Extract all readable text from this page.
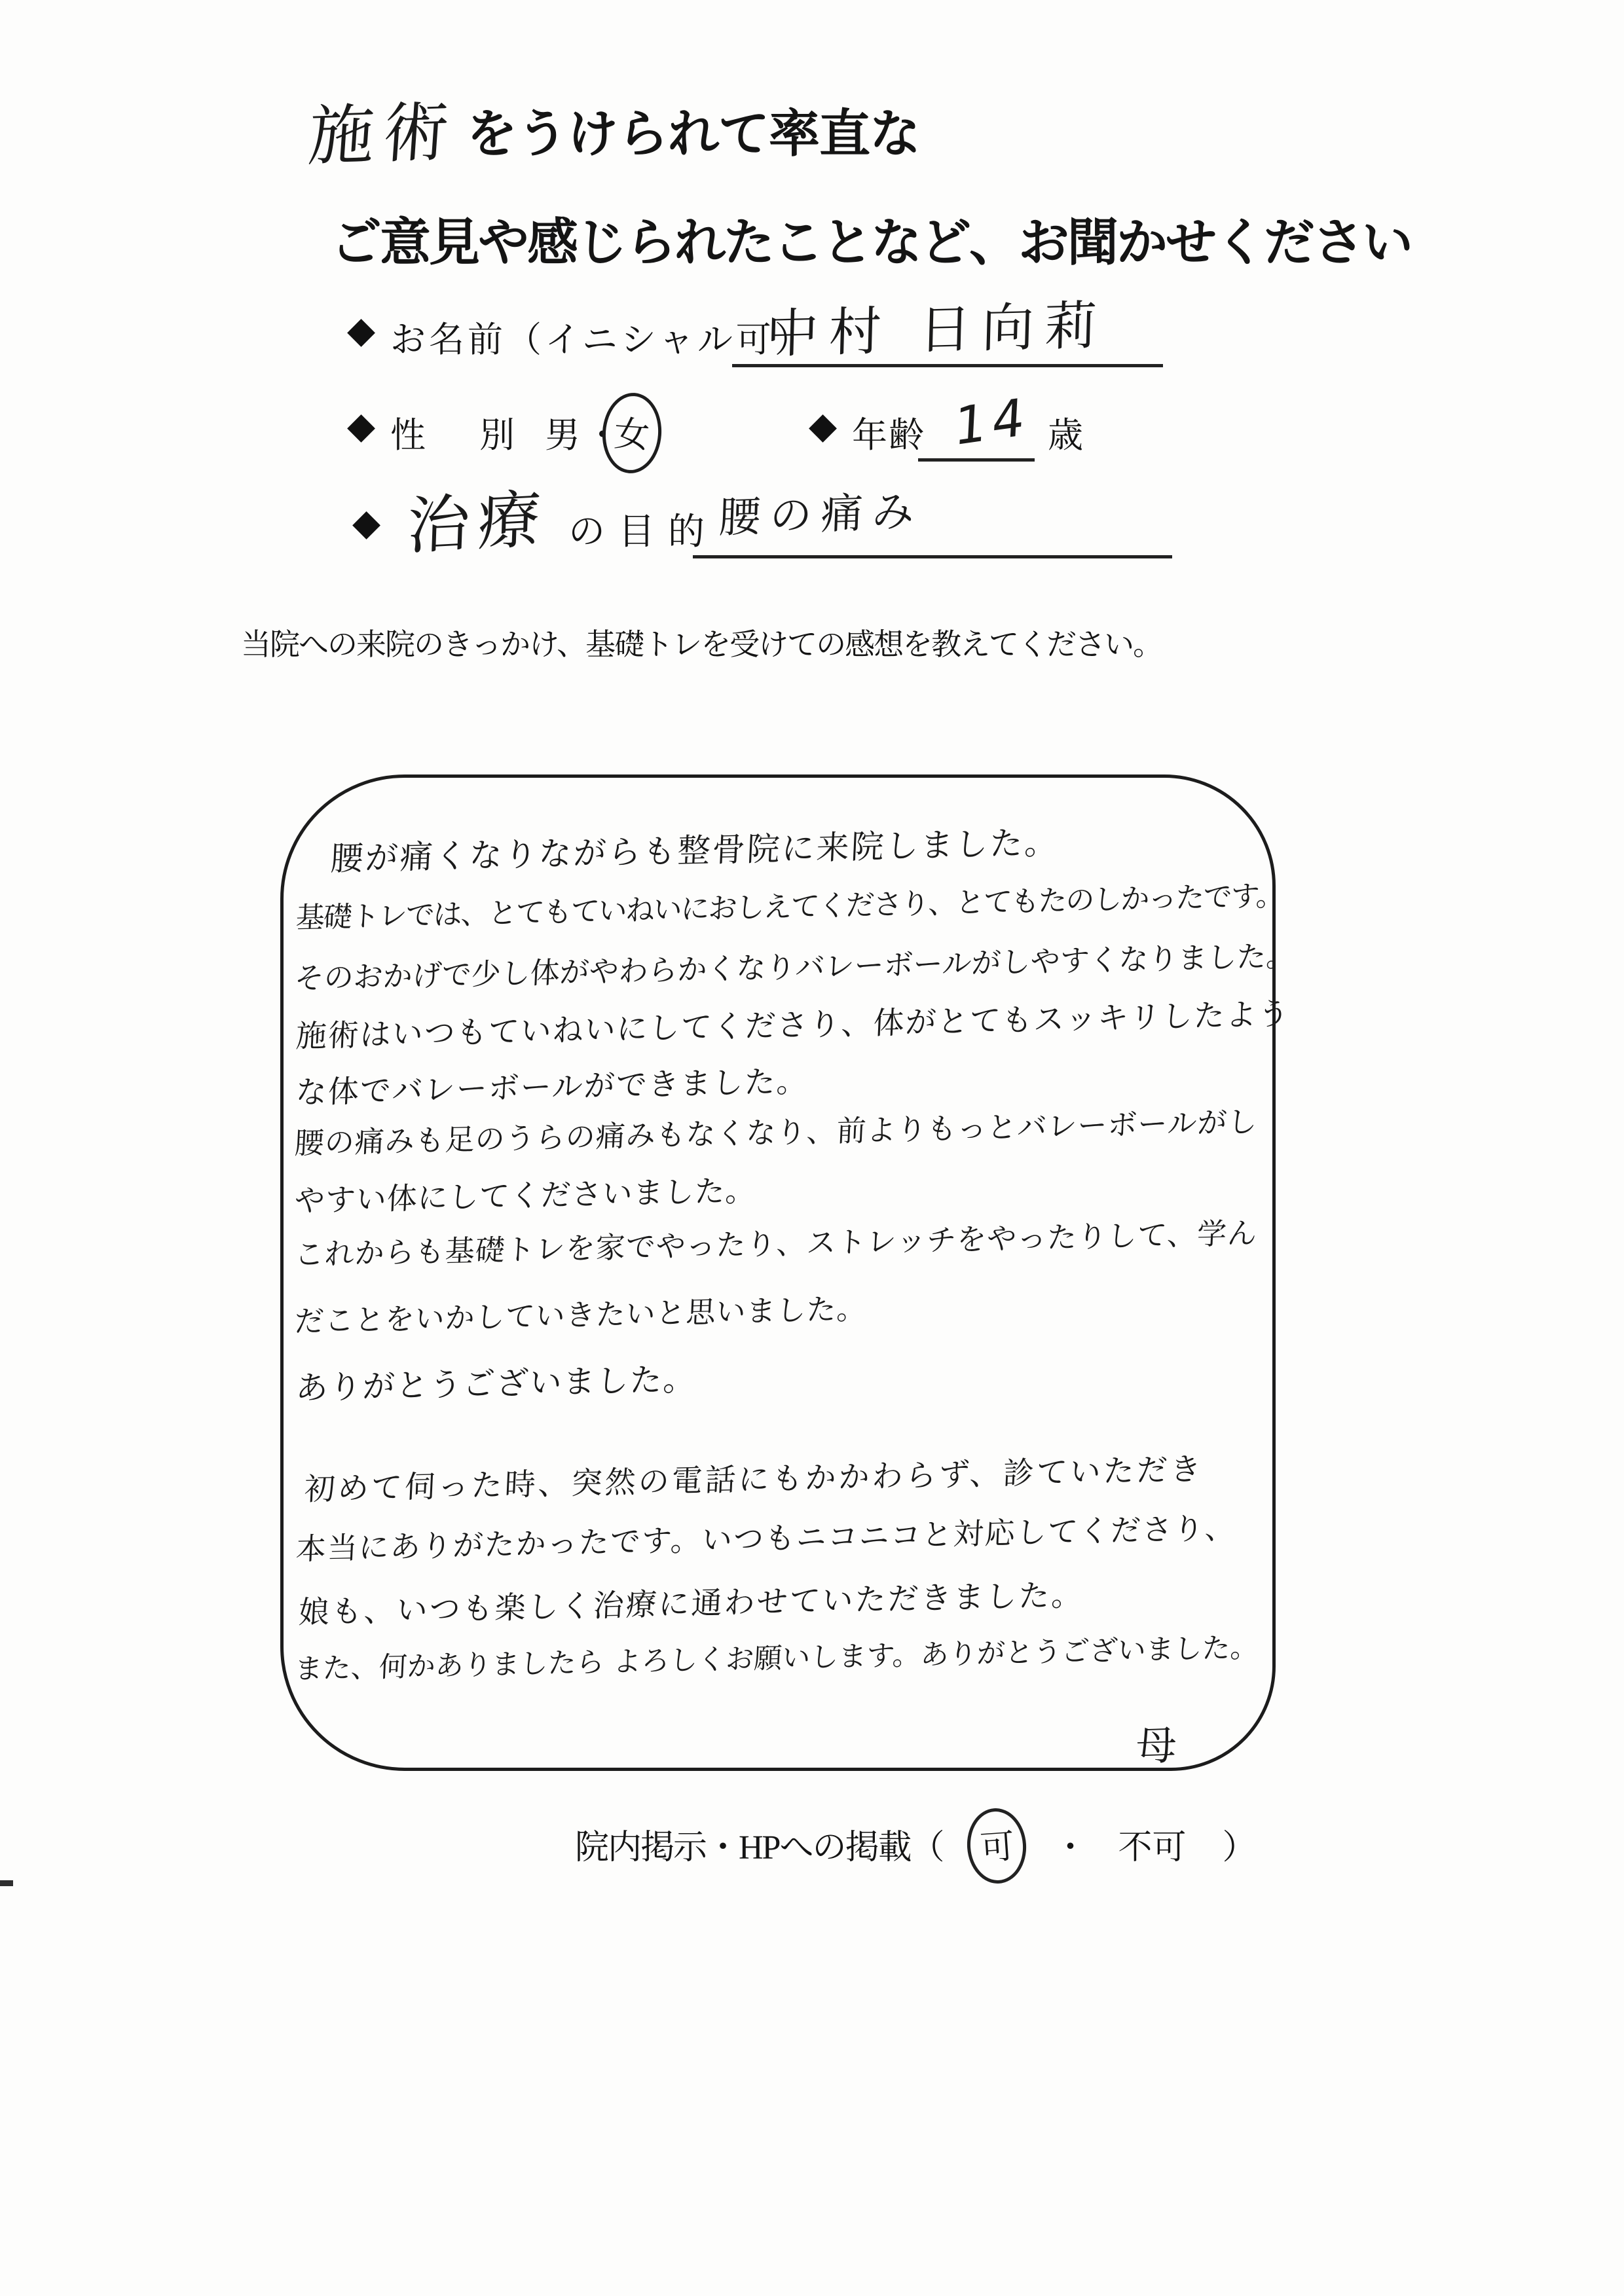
施術 をうけられて率直な
ご意見や感じられたことなど、お聞かせください
◆ お名前（イニシャル可）
中村 日向莉
◆ 性　別 男 ・
女	◆ 年齢 14 歳
◆ 治療 の目的 腰の痛み
当院への来院のきっかけ、基礎トレを受けての感想を教えてください。
腰が痛くなりながらも整骨院に来院しました。
基礎トレでは、とてもていねいにおしえてくださり、とてもたのしかったです。
そのおかげで少し体がやわらかくなりバレーボールがしやすくなりました。
施術はいつもていねいにしてくださり、体がとてもスッキリしたよう
な体でバレーボールができました。
腰の痛みも足のうらの痛みもなくなり、前よりもっとバレーボールがし
やすい体にしてくださいました。
これからも基礎トレを家でやったり、ストレッチをやったりして、学ん
だことをいかしていきたいと思いました。
ありがとうございました。
初めて伺った時、突然の電話にもかかわらず、診ていただき
本当にありがたかったです。いつもニコニコと対応してくださり、
娘も、いつも楽しく治療に通わせていただきました。
また、何かありましたら よろしくお願いします。ありがとうございました。
母
院内掲示・HPへの掲載（ 可 ・ 不可 ）
